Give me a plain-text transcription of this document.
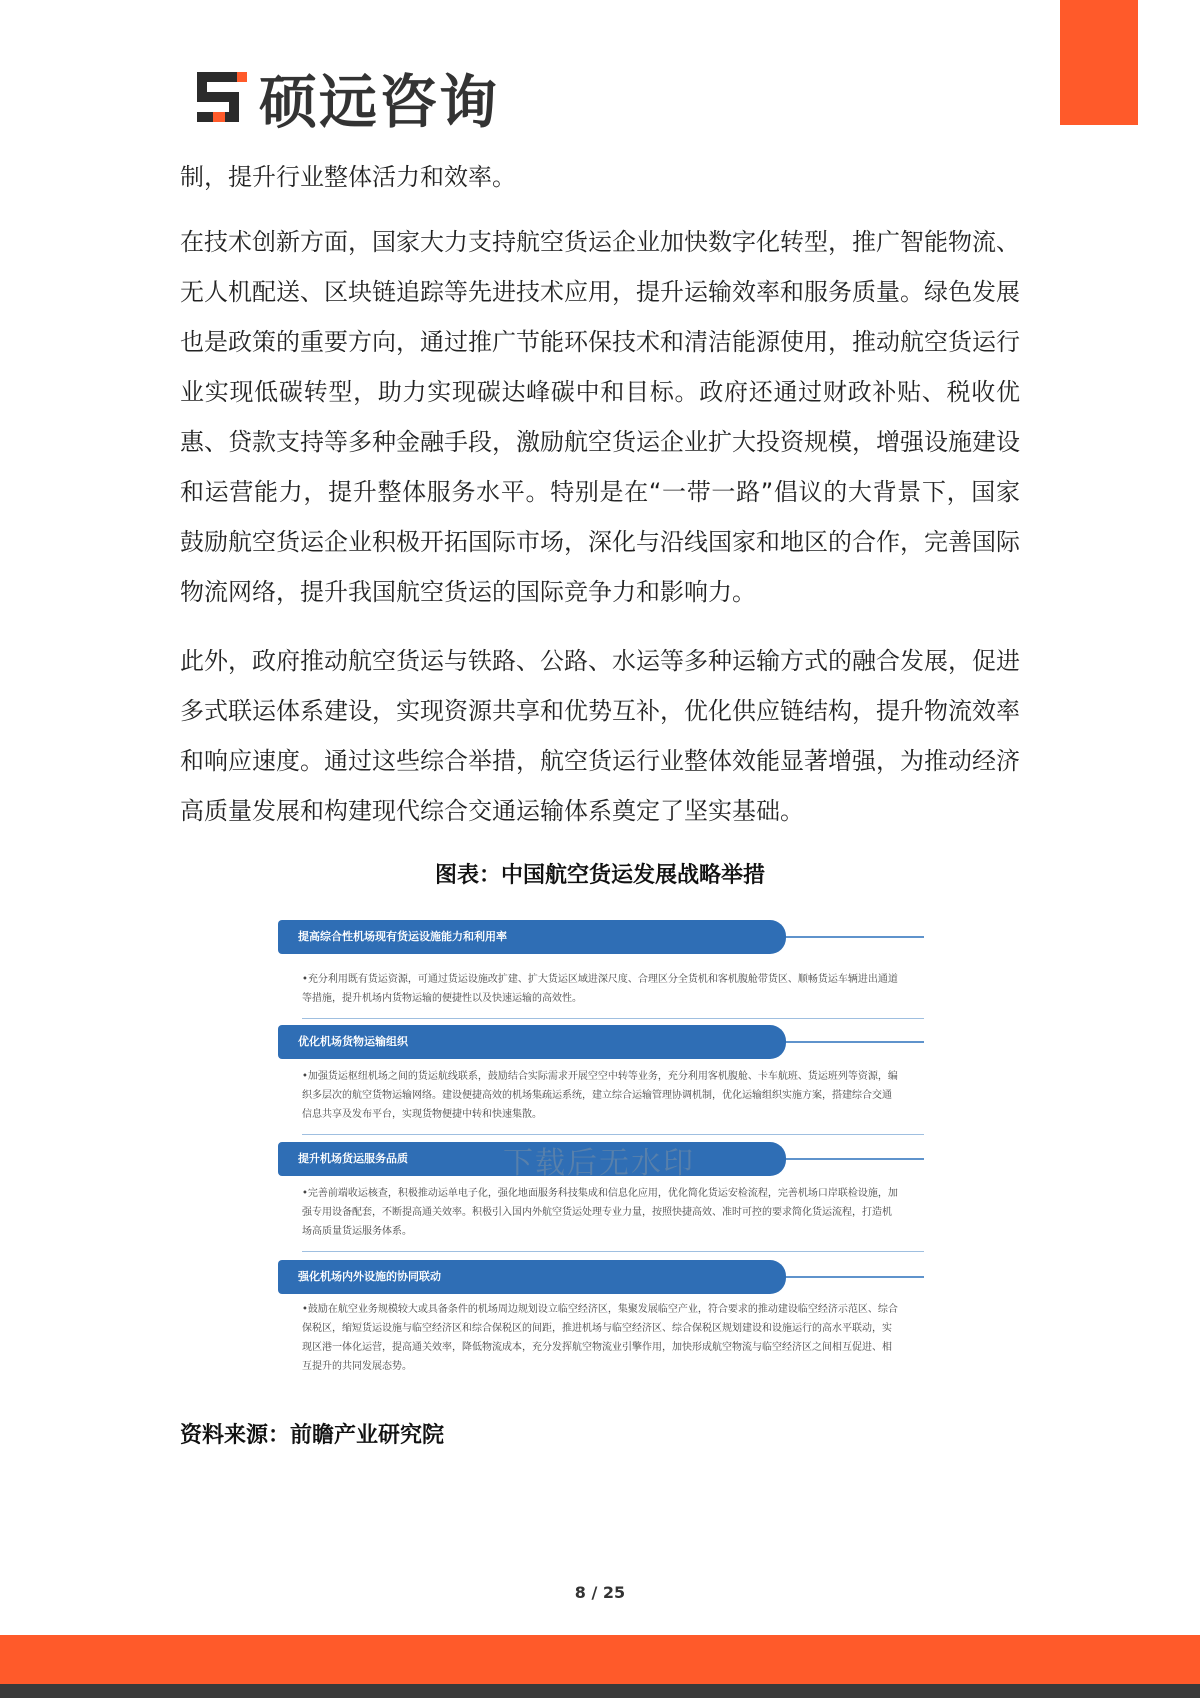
硕远咨询

制，提升行业整体活力和效率。

在技术创新方面，国家大力支持航空货运企业加快数字化转型，推广智能物流、无人机配送、区块链追踪等先进技术应用，提升运输效率和服务质量。绿色发展也是政策的重要方向，通过推广节能环保技术和清洁能源使用，推动航空货运行业实现低碳转型，助力实现碳达峰碳中和目标。政府还通过财政补贴、税收优惠、贷款支持等多种金融手段，激励航空货运企业扩大投资规模，增强设施建设和运营能力，提升整体服务水平。特别是在“一带一路”倡议的大背景下，国家鼓励航空货运企业积极开拓国际市场，深化与沿线国家和地区的合作，完善国际物流网络，提升我国航空货运的国际竞争力和影响力。

此外，政府推动航空货运与铁路、公路、水运等多种运输方式的融合发展，促进多式联运体系建设，实现资源共享和优势互补，优化供应链结构，提升物流效率和响应速度。通过这些综合举措，航空货运行业整体效能显著增强，为推动经济高质量发展和构建现代综合交通运输体系奠定了坚实基础。

图表：中国航空货运发展战略举措
提高综合性机场现有货运设施能力和利用率
•充分利用既有货运资源，可通过货运设施改扩建、扩大货运区域进深尺度、合理区分全货机和客机腹舱带货区、顺畅货运车辆进出通道等措施，提升机场内货物运输的便捷性以及快速运输的高效性。
优化机场货物运输组织
•加强货运枢纽机场之间的货运航线联系，鼓励结合实际需求开展空空中转等业务，充分利用客机腹舱、卡车航班、货运班列等资源，编织多层次的航空货物运输网络。建设便捷高效的机场集疏运系统，建立综合运输管理协调机制，优化运输组织实施方案，搭建综合交通信息共享及发布平台，实现货物便捷中转和快速集散。
提升机场货运服务品质
•完善前端收运核查，积极推动运单电子化，强化地面服务科技集成和信息化应用，优化简化货运安检流程，完善机场口岸联检设施，加强专用设备配套，不断提高通关效率。积极引入国内外航空货运处理专业力量，按照快捷高效、准时可控的要求简化货运流程，打造机场高质量货运服务体系。
强化机场内外设施的协同联动
•鼓励在航空业务规模较大或具备条件的机场周边规划设立临空经济区，集聚发展临空产业，符合要求的推动建设临空经济示范区、综合保税区，缩短货运设施与临空经济区和综合保税区的间距，推进机场与临空经济区、综合保税区规划建设和设施运行的高水平联动，实现区港一体化运营，提高通关效率，降低物流成本，充分发挥航空物流业引擎作用，加快形成航空物流与临空经济区之间相互促进、相互提升的共同发展态势。
下载后无水印
资料来源：前瞻产业研究院
8 / 25
